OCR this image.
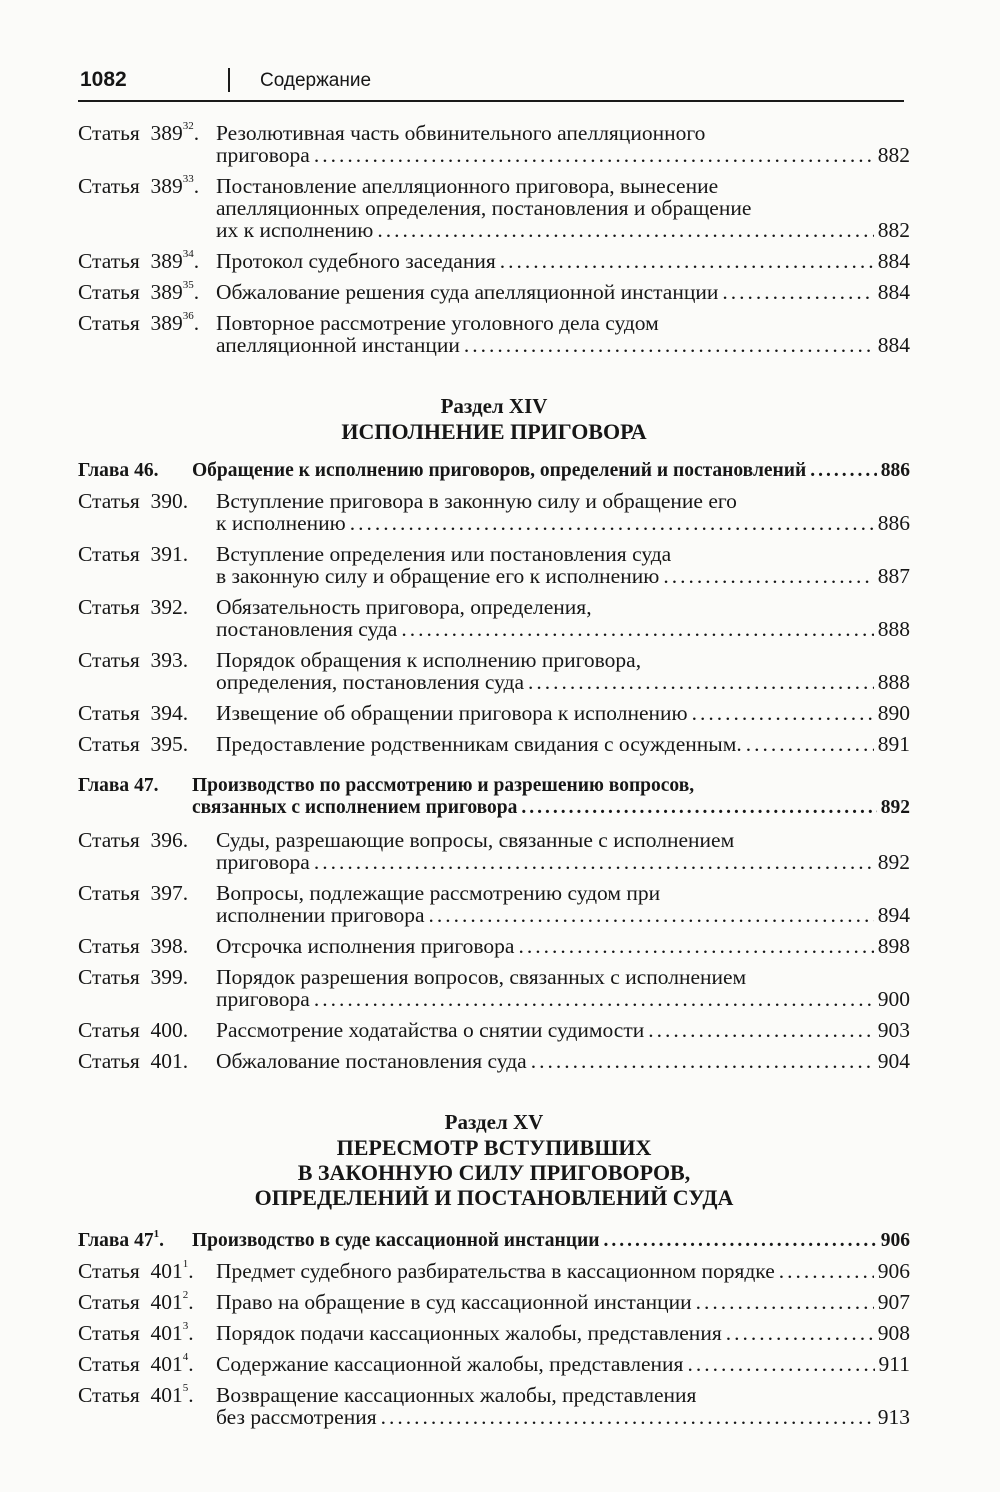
1082	Содержание
Статья $389^{32}$. Резолютивная часть обвинительного апелляционного
приговора .....	882
Статья $389^{33}$. Постановление апелляционного приговора, вынесение
апелляционных определения, постановления и обращение
их к исполнению .....	882
Статья $389^{34}$. Протокол судебного заседания .....	884
Статья $389^{35}$. Обжалование решения суда апелляционной инстанции .....	884
Статья $389^{36}$. Повторное рассмотрение уголовного дела судом
апелляционной инстанции .....	884
Раздел XIV
ИСПОЛНЕНИЕ ПРИГОВОРА
Глава 46.	Обращение к исполнению приговоров, определений и постановлений .....	886
Статья 390.	Вступление приговора в законную силу и обращение его
к исполнению .....	886
Статья 391.	Вступление определения или постановления суда
в законную силу и обращение его к исполнению .....	887
Статья 392.	Обязательность приговора, определения,
постановления суда .....	888
Статья 393.	Порядок обращения к исполнению приговора,
определения, постановления суда .....	888
Статья 394.	Извещение об обращении приговора к исполнению .....	890
Статья 395.	Предоставление родственникам свидания с осужденным. .....	891
Глава 47.	Производство по рассмотрению и разрешению вопросов,
связанных с исполнением приговора .....	892
Статья 396.	Суды, разрешающие вопросы, связанные с исполнением
приговора .....	892
Статья 397.	Вопросы, подлежащие рассмотрению судом при
исполнении приговора .....	894
Статья 398.	Отсрочка исполнения приговора .....	898
Статья 399.	Порядок разрешения вопросов, связанных с исполнением
приговора .....	900
Статья 400.	Рассмотрение ходатайства о снятии судимости .....	903
Статья 401.	Обжалование постановления суда .....	904
Раздел XV
ПЕРЕСМОТР ВСТУПИВШИХ
В ЗАКОННУЮ СИЛУ ПРИГОВОРОВ,
ОПРЕДЕЛЕНИЙ И ПОСТАНОВЛЕНИЙ СУДА
Глава $47^1$.	Производство в суде кассационной инстанции .....	906
Статья $401^1$.	Предмет судебного разбирательства в кассационном порядке .....	906
Статья $401^2$.	Право на обращение в суд кассационной инстанции .....	907
Статья $401^3$.	Порядок подачи кассационных жалобы, представления .....	908
Статья $401^4$.	Содержание кассационной жалобы, представления .....	911
Статья $401^5$.	Возвращение кассационных жалобы, представления
без рассмотрения .....	913
